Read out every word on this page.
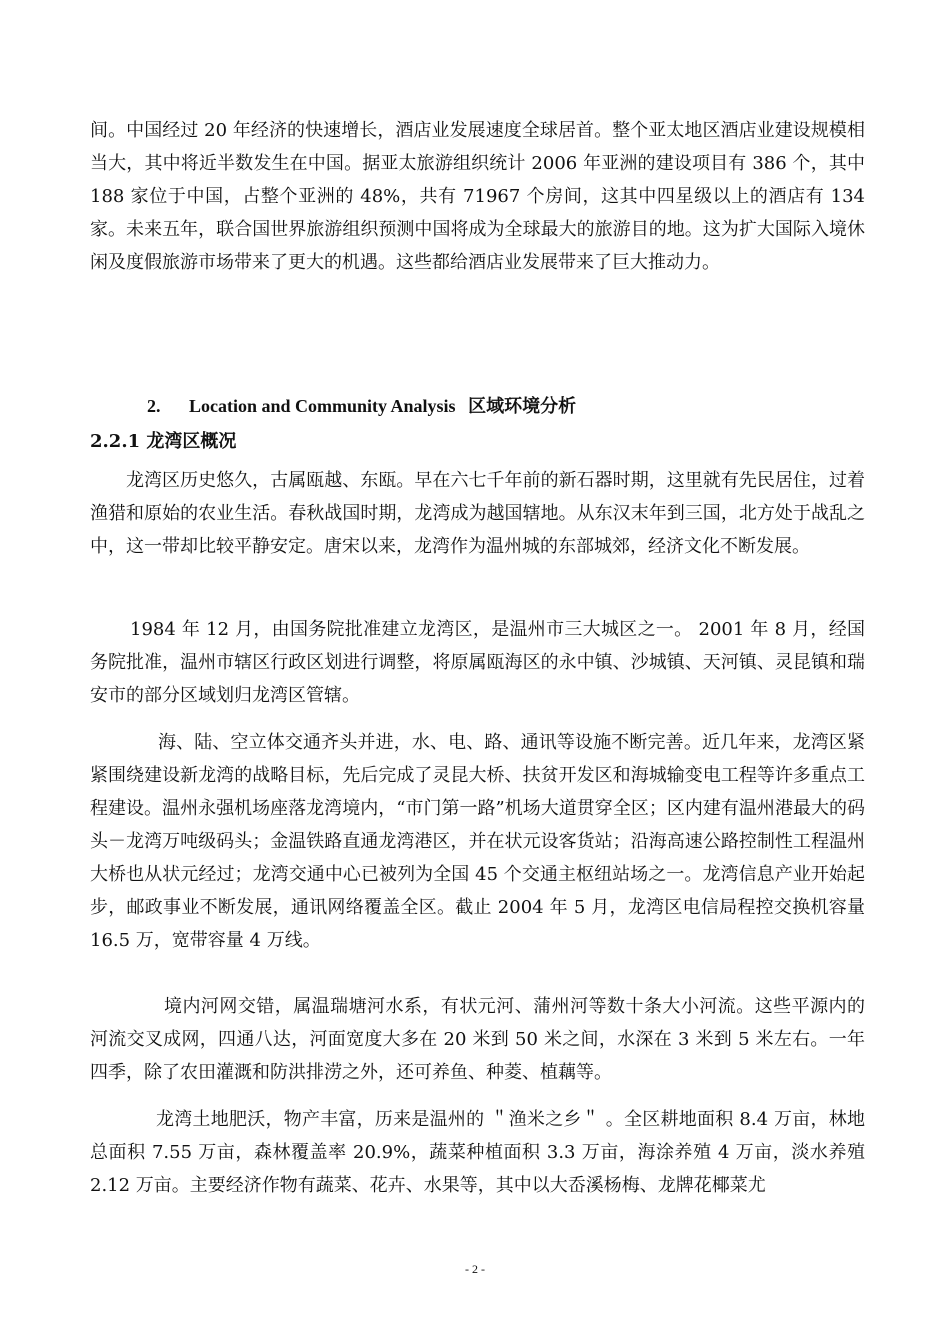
间。中国经过 20 年经济的快速增长，酒店业发展速度全球居首。整个亚太地区酒店业建设规模相当大，其中将近半数发生在中国。据亚太旅游组织统计 2006 年亚洲的建设项目有 386 个，其中 188 家位于中国，占整个亚洲的 48%，共有 71967 个房间，这其中四星级以上的酒店有 134 家。未来五年，联合国世界旅游组织预测中国将成为全球最大的旅游目的地。这为扩大国际入境休闲及度假旅游市场带来了更大的机遇。这些都给酒店业发展带来了巨大推动力。

2. Location and Community Analysis 区域环境分析
2.2.1 龙湾区概况

龙湾区历史悠久，古属瓯越、东瓯。早在六七千年前的新石器时期，这里就有先民居住，过着渔猎和原始的农业生活。春秋战国时期，龙湾成为越国辖地。从东汉末年到三国，北方处于战乱之中，这一带却比较平静安定。唐宋以来，龙湾作为温州城的东部城郊，经济文化不断发展。

1984 年 12 月，由国务院批准建立龙湾区，是温州市三大城区之一。 2001 年 8 月，经国务院批准，温州市辖区行政区划进行调整，将原属瓯海区的永中镇、沙城镇、天河镇、灵昆镇和瑞安市的部分区域划归龙湾区管辖。

海、陆、空立体交通齐头并进，水、电、路、通讯等设施不断完善。近几年来，龙湾区紧紧围绕建设新龙湾的战略目标，先后完成了灵昆大桥、扶贫开发区和海城输变电工程等许多重点工程建设。温州永强机场座落龙湾境内，“市门第一路”机场大道贯穿全区；区内建有温州港最大的码头－龙湾万吨级码头；金温铁路直通龙湾港区，并在状元设客货站；沿海高速公路控制性工程温州大桥也从状元经过；龙湾交通中心已被列为全国 45 个交通主枢纽站场之一。龙湾信息产业开始起步，邮政事业不断发展，通讯网络覆盖全区。截止 2004 年 5 月，龙湾区电信局程控交换机容量 16.5 万，宽带容量 4 万线。

境内河网交错，属温瑞塘河水系，有状元河、蒲州河等数十条大小河流。这些平源内的河流交叉成网，四通八达，河面宽度大多在 20 米到 50 米之间，水深在 3 米到 5 米左右。一年四季，除了农田灌溉和防洪排涝之外，还可养鱼、种菱、植藕等。

龙湾土地肥沃，物产丰富，历来是温州的 ＂渔米之乡＂ 。全区耕地面积 8.4 万亩，林地总面积 7.55 万亩，森林覆盖率 20.9%，蔬菜种植面积 3.3 万亩，海涂养殖 4 万亩，淡水养殖 2.12 万亩。主要经济作物有蔬菜、花卉、水果等，其中以大岙溪杨梅、龙牌花椰菜尤

- 2 -
